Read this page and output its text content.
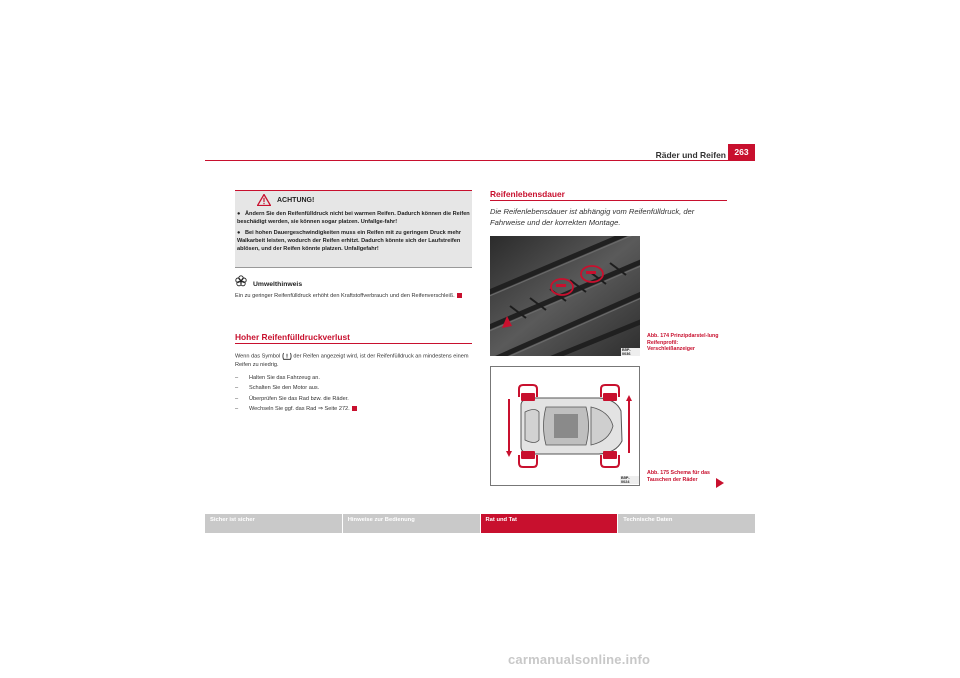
Räder und Reifen 263
ACHTUNG!

● Ändern Sie den Reifenfülldruck nicht bei warmen Reifen. Dadurch können die Reifen beschädigt werden, sie können sogar platzen. Unfallge-fahr!

● Bei hohen Dauergeschwindigkeiten muss ein Reifen mit zu geringem Druck mehr Walkarbeit leisten, wodurch der Reifen erhitzt. Dadurch könnte sich der Laufstreifen ablösen, und der Reifen könnte platzen. Unfallgefahr!

Umwelthinweis
Ein zu geringer Reifenfülldruck erhöht den Kraftstoffverbrauch und den Reifenverschleiß.
Hoher Reifenfülldruckverlust
Wenn das Symbol der Reifen angezeigt wird, ist der Reifenfülldruck an mindestens einem Reifen zu niedrig.
– Halten Sie das Fahrzeug an.
– Schalten Sie den Motor aus.
– Überprüfen Sie das Rad bzw. die Räder.
– Wechseln Sie ggf. das Rad ⇒ Seite 272.
Reifenlebensdauer
Die Reifenlebensdauer ist abhängig vom Reifenfülldruck, der Fahrweise und der korrekten Montage.
B5P-0036
Abb. 174 Prinzipdarstel-lung Reifenprofil: Verschleißanzeiger
B5P-0024
Abb. 175 Schema für das Tauschen der Räder
Sicher ist sicher	Hinweise zur Bedienung	Rat und Tat	Technische Daten
carmanualsonline.info
